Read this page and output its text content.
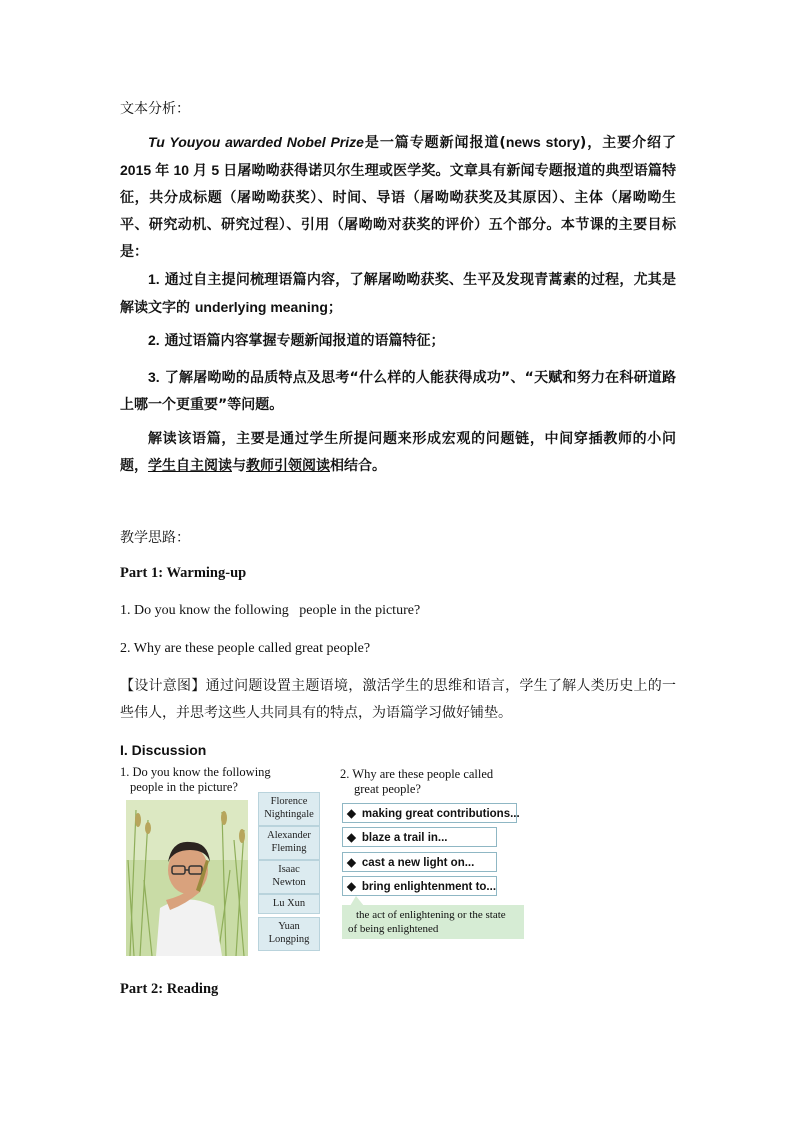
文本分析：
Tu Youyou awarded Nobel Prize是一篇专题新闻报道(news story)，主要介绍了 2015 年 10 月 5 日屠呦呦获得诺贝尔生理或医学奖。文章具有新闻专题报道的典型语篇特征，共分成标题（屠呦呦获奖）、时间、导语（屠呦呦获奖及其原因）、主体（屠呦呦生平、研究动机、研究过程）、引用（屠呦呦对获奖的评价）五个部分。本节课的主要目标是：
1. 通过自主提问梳理语篇内容，了解屠呦呦获奖、生平及发现青蒿素的过程，尤其是解读文字的 underlying meaning；
2. 通过语篇内容掌握专题新闻报道的语篇特征；
3. 了解屠呦呦的品质特点及思考“什么样的人能获得成功”、“天赋和努力在科研道路上哪一个更重要”等问题。
解读该语篇，主要是通过学生所提问题来形成宏观的问题链，中间穿插教师的小问题，学生自主阅读与教师引领阅读相结合。
教学思路：
Part 1: Warming-up
1. Do you know the following   people in the picture?
2. Why are these people called great people?
【设计意图】通过问题设置主题语境，激活学生的思维和语言，学生了解人类历史上的一些伟人，并思考这些人共同具有的特点，为语篇学习做好铺垫。
I. Discussion
1. Do you know the following
people in the picture?
2. Why are these people called
great people?
Florence
Nightingale
Alexander
Fleming
Isaac
Newton
Lu Xun
Yuan
Longping
◆ making great contributions...
◆ blaze a trail in...
◆ cast a new light on...
◆ bring enlightenment to...
the act of enlightening or the state
of being enlightened
Part 2: Reading
